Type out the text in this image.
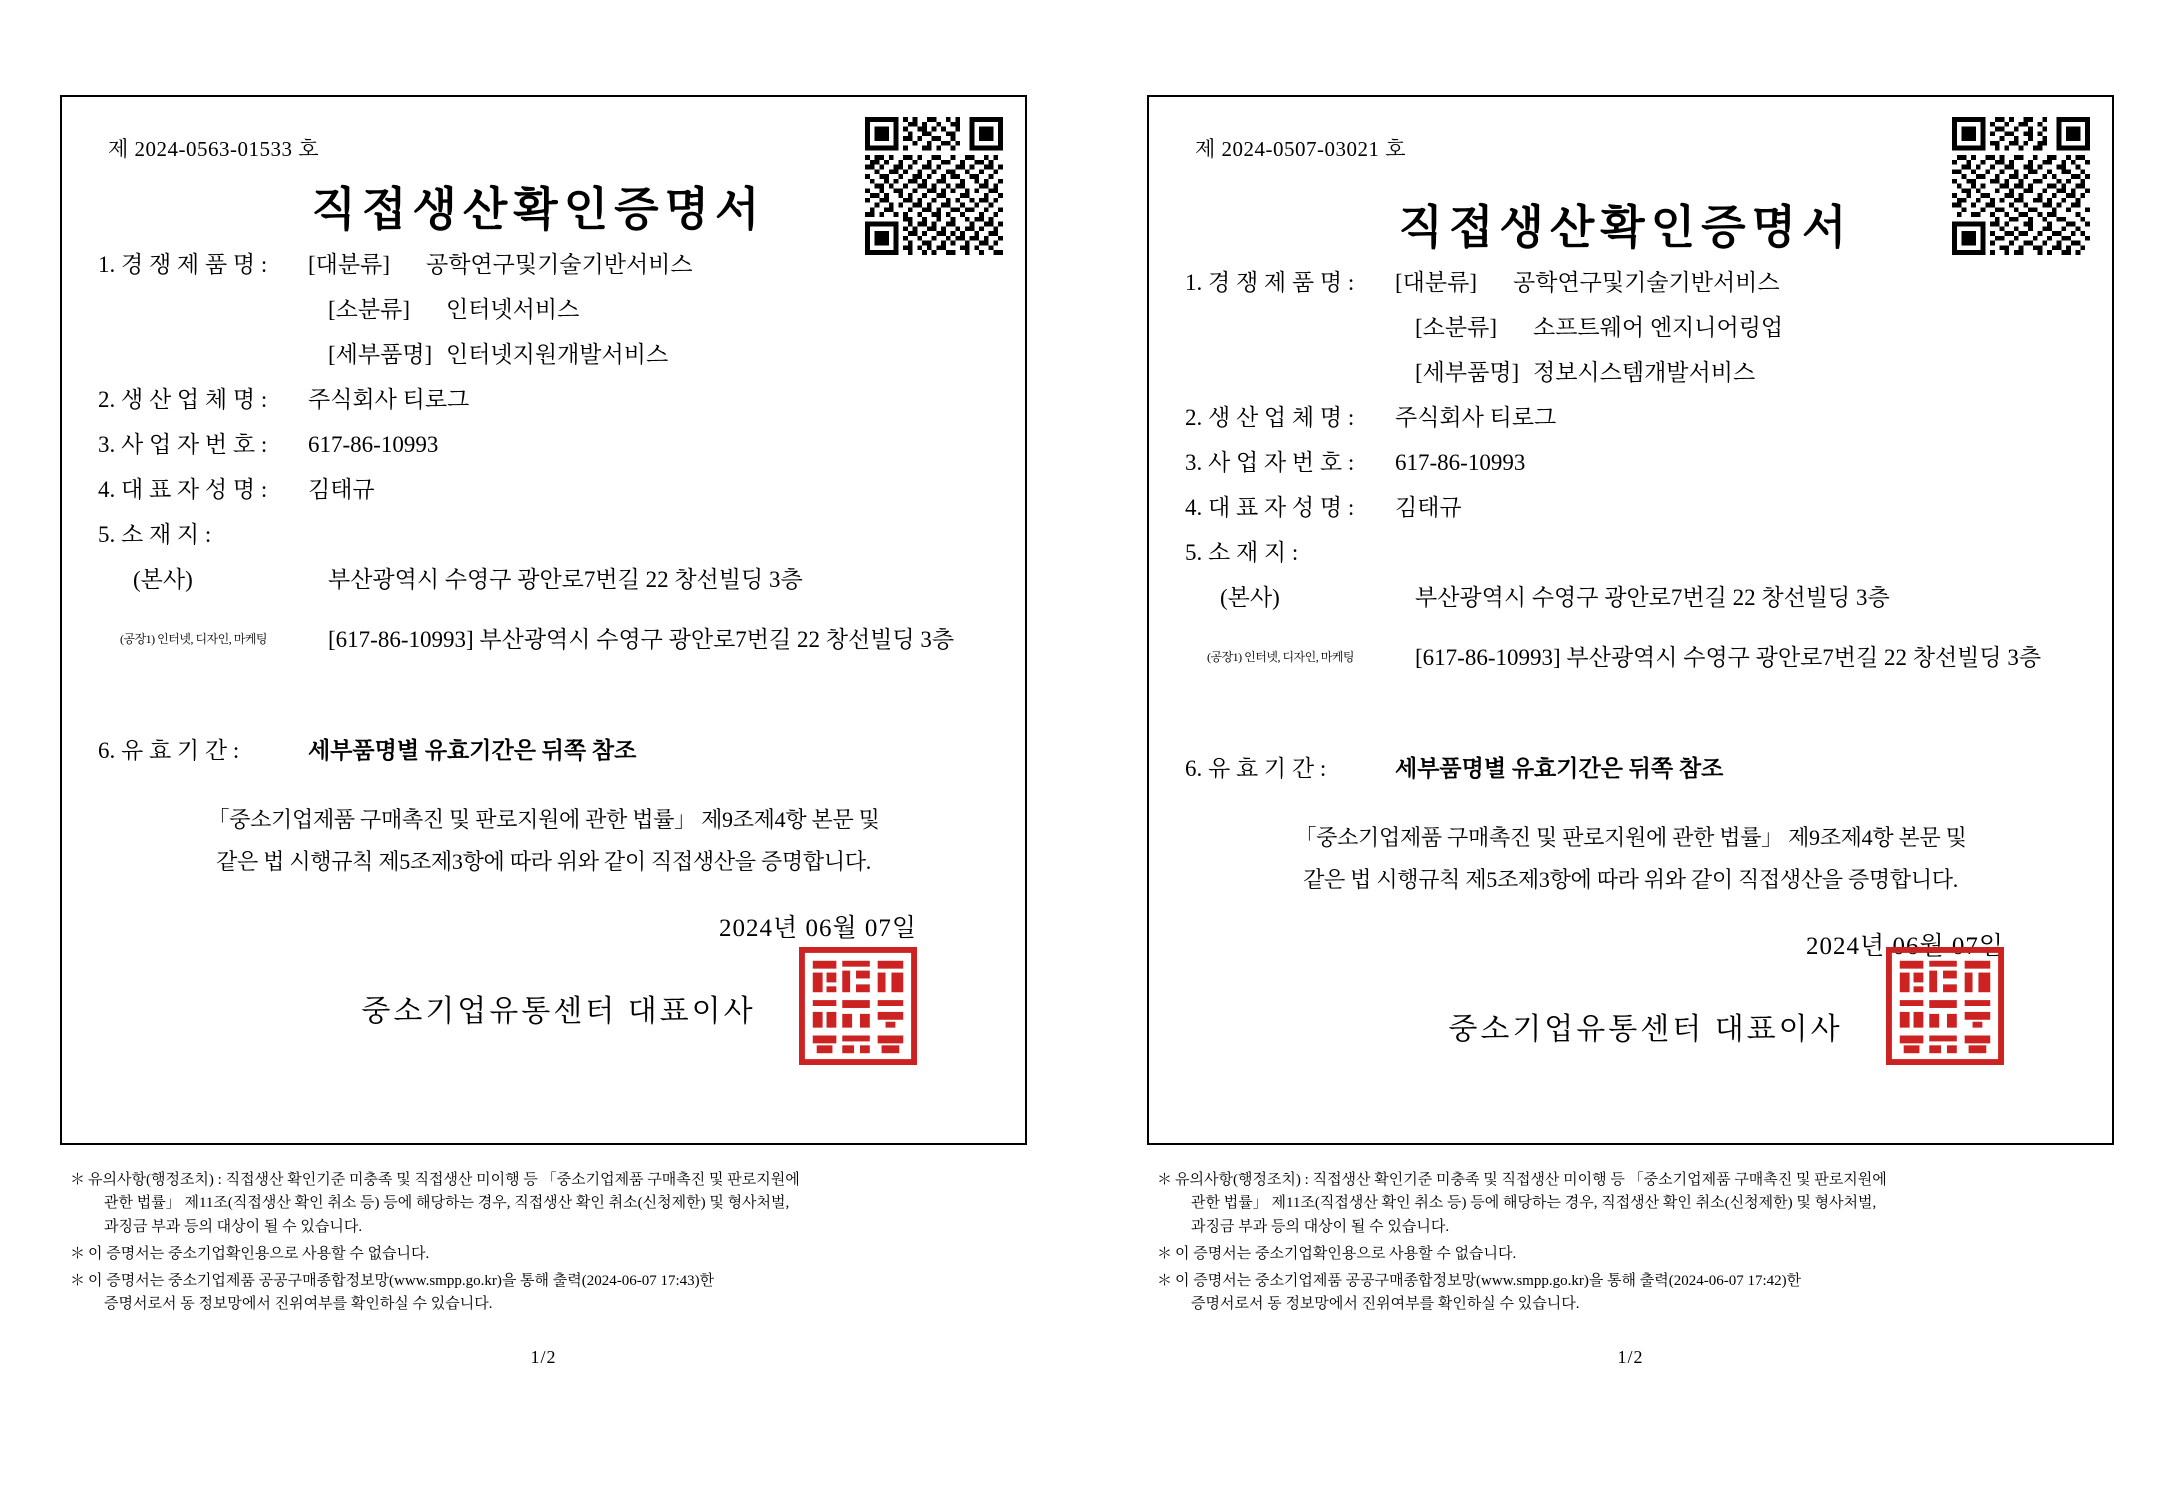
제 2024-0563-01533 호
직접생산확인증명서
1. 경 쟁 제 품 명 :	[대분류]	공학연구및기술기반서비스
[소분류]	인터넷서비스
[세부품명] 인터넷지원개발서비스
2. 생 산 업 체 명 :	주식회사 티로그
3. 사 업 자 번 호 :	617-86-10993
4. 대 표 자 성 명 :	김태규
5. 소 재 지 :
(본사)	부산광역시 수영구 광안로7번길 22 창선빌딩 3층
(공장1) 인터넷, 디자인, 마케팅	[617-86-10993] 부산광역시 수영구 광안로7번길 22 창선빌딩 3층
6. 유 효 기 간 :	세부품명별 유효기간은 뒤쪽 참조
「중소기업제품 구매촉진 및 판로지원에 관한 법률」 제9조제4항 본문 및
같은 법 시행규칙 제5조제3항에 따라 위와 같이 직접생산을 증명합니다.
2024년 06월 07일
중소기업유통센터 대표이사
＊ 유의사항(행정조치) : 직접생산 확인기준 미충족 및 직접생산 미이행 등 「중소기업제품 구매촉진 및 판로지원에
관한 법률」 제11조(직접생산 확인 취소 등) 등에 해당하는 경우, 직접생산 확인 취소(신청제한) 및 형사처벌,
과징금 부과 등의 대상이 될 수 있습니다.
＊ 이 증명서는 중소기업확인용으로 사용할 수 없습니다.
＊ 이 증명서는 중소기업제품 공공구매종합정보망(www.smpp.go.kr)을 통해 출력(2024-06-07 17:43)한
증명서로서 동 정보망에서 진위여부를 확인하실 수 있습니다.
1/2
제 2024-0507-03021 호
직접생산확인증명서
1. 경 쟁 제 품 명 :	[대분류]	공학연구및기술기반서비스
[소분류]	소프트웨어 엔지니어링업
[세부품명] 정보시스템개발서비스
2. 생 산 업 체 명 :	주식회사 티로그
3. 사 업 자 번 호 :	617-86-10993
4. 대 표 자 성 명 :	김태규
5. 소 재 지 :
(본사)	부산광역시 수영구 광안로7번길 22 창선빌딩 3층
(공장1) 인터넷, 디자인, 마케팅	[617-86-10993] 부산광역시 수영구 광안로7번길 22 창선빌딩 3층
6. 유 효 기 간 :	세부품명별 유효기간은 뒤쪽 참조
「중소기업제품 구매촉진 및 판로지원에 관한 법률」 제9조제4항 본문 및
같은 법 시행규칙 제5조제3항에 따라 위와 같이 직접생산을 증명합니다.
2024년 06월 07일
중소기업유통센터 대표이사
＊ 유의사항(행정조치) : 직접생산 확인기준 미충족 및 직접생산 미이행 등 「중소기업제품 구매촉진 및 판로지원에
관한 법률」 제11조(직접생산 확인 취소 등) 등에 해당하는 경우, 직접생산 확인 취소(신청제한) 및 형사처벌,
과징금 부과 등의 대상이 될 수 있습니다.
＊ 이 증명서는 중소기업확인용으로 사용할 수 없습니다.
＊ 이 증명서는 중소기업제품 공공구매종합정보망(www.smpp.go.kr)을 통해 출력(2024-06-07 17:42)한
증명서로서 동 정보망에서 진위여부를 확인하실 수 있습니다.
1/2
